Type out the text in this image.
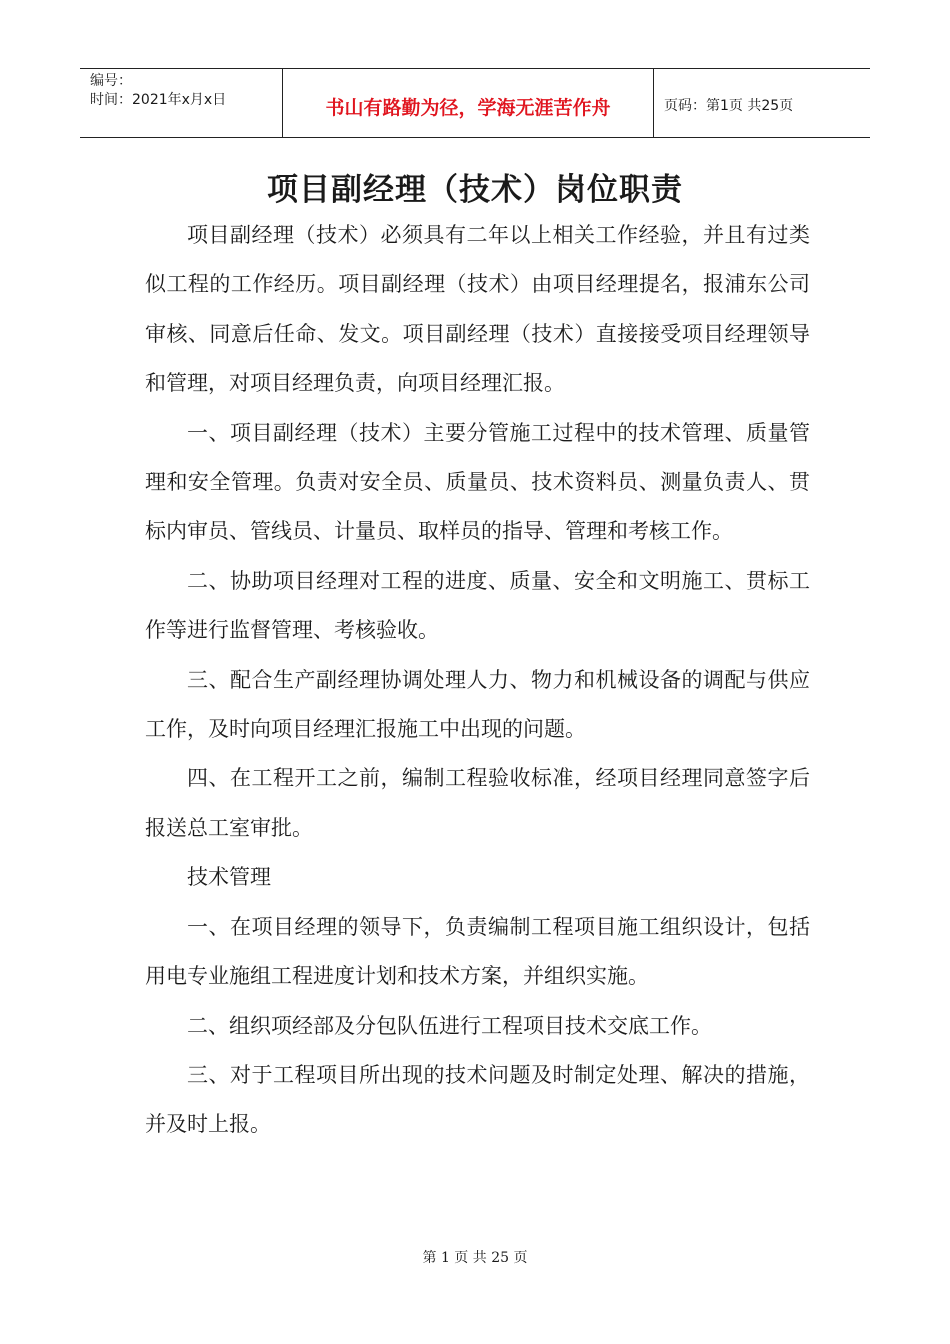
编号：
时间：2021年x月x日	书山有路勤为径，学海无涯苦作舟	页码：第1页 共25页
项目副经理（技术）岗位职责

项目副经理（技术）必须具有二年以上相关工作经验，并且有过类似工程的工作经历。项目副经理（技术）由项目经理提名，报浦东公司审核、同意后任命、发文。项目副经理（技术）直接接受项目经理领导和管理，对项目经理负责，向项目经理汇报。

一、项目副经理（技术）主要分管施工过程中的技术管理、质量管理和安全管理。负责对安全员、质量员、技术资料员、测量负责人、贯标内审员、管线员、计量员、取样员的指导、管理和考核工作。

二、协助项目经理对工程的进度、质量、安全和文明施工、贯标工作等进行监督管理、考核验收。

三、配合生产副经理协调处理人力、物力和机械设备的调配与供应工作，及时向项目经理汇报施工中出现的问题。

四、在工程开工之前，编制工程验收标准，经项目经理同意签字后报送总工室审批。

技术管理

一、在项目经理的领导下，负责编制工程项目施工组织设计，包括用电专业施组工程进度计划和技术方案，并组织实施。

二、组织项经部及分包队伍进行工程项目技术交底工作。

三、对于工程项目所出现的技术问题及时制定处理、解决的措施，并及时上报。

第 1 页 共 25 页
